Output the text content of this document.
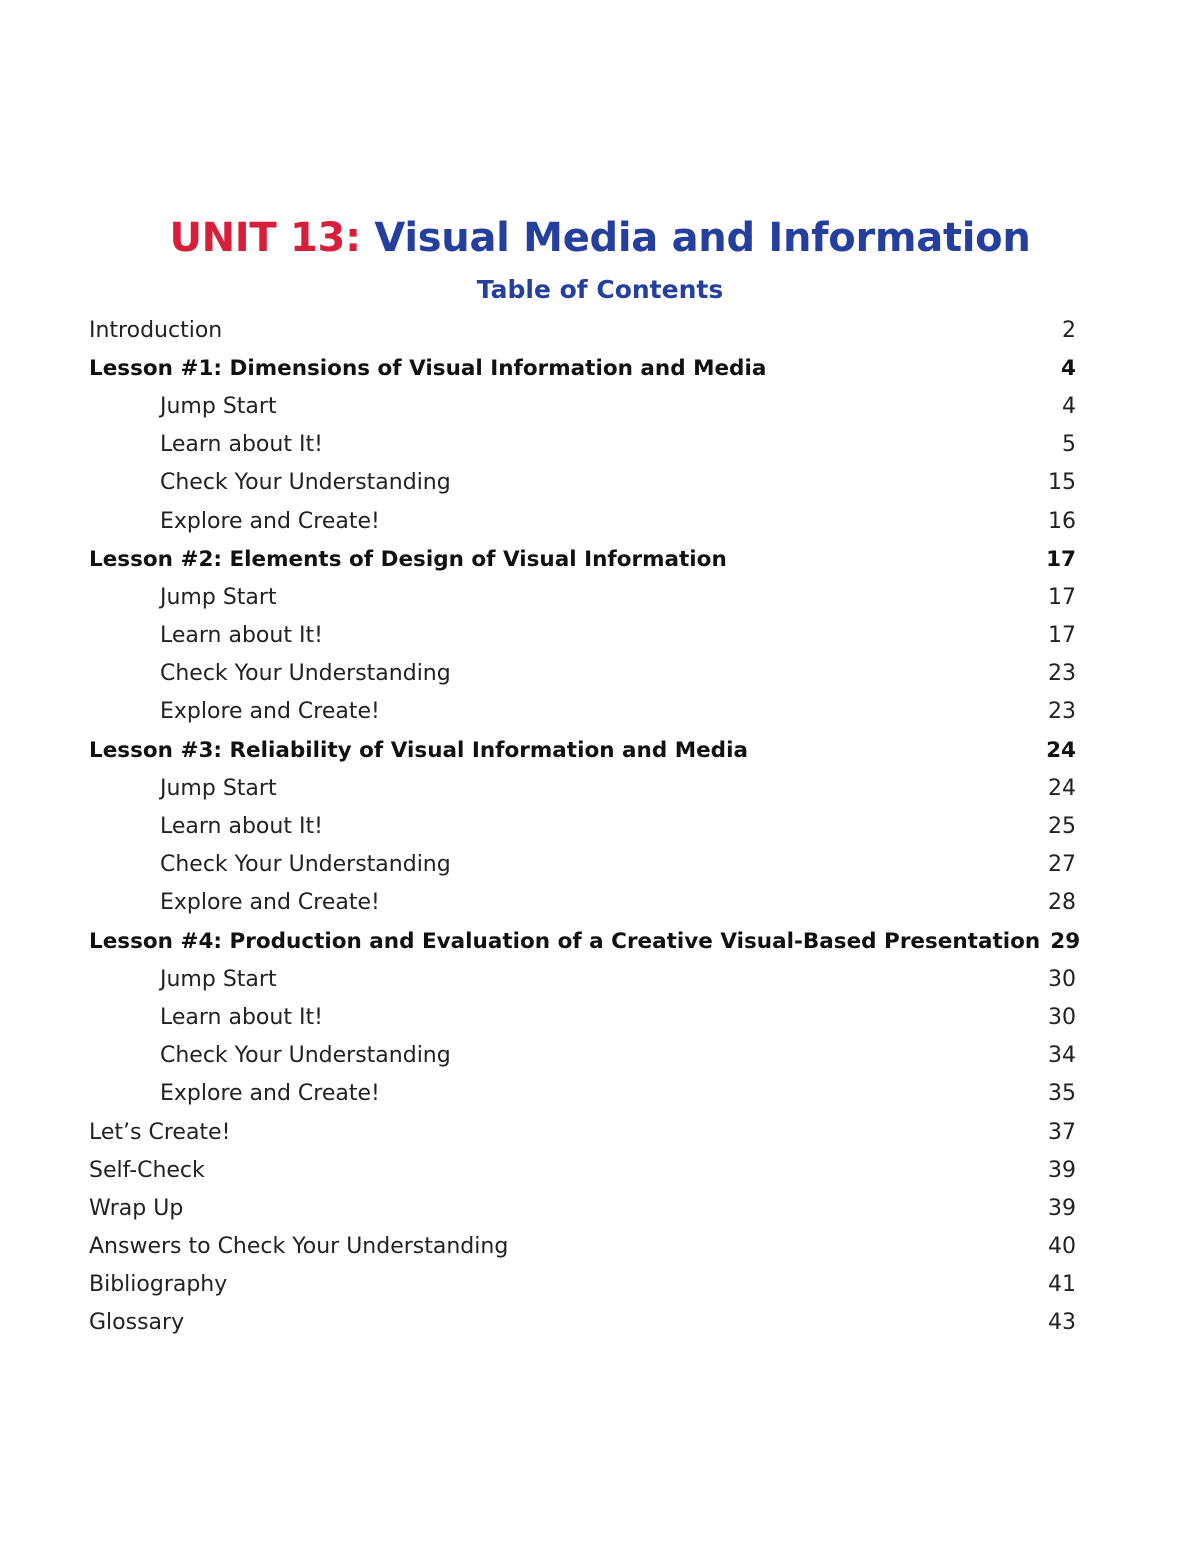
UNIT 13: Visual Media and Information
Table of Contents
Introduction	2
Lesson #1: Dimensions of Visual Information and Media	4
Jump Start	4
Learn about It!	5
Check Your Understanding	15
Explore and Create!	16
Lesson #2: Elements of Design of Visual Information	17
Jump Start	17
Learn about It!	17
Check Your Understanding	23
Explore and Create!	23
Lesson #3: Reliability of Visual Information and Media	24
Jump Start	24
Learn about It!	25
Check Your Understanding	27
Explore and Create!	28
Lesson #4: Production and Evaluation of a Creative Visual-Based Presentation 29
Jump Start	30
Learn about It!	30
Check Your Understanding	34
Explore and Create!	35
Let’s Create!	37
Self-Check	39
Wrap Up	39
Answers to Check Your Understanding	40
Bibliography	41
Glossary	43
